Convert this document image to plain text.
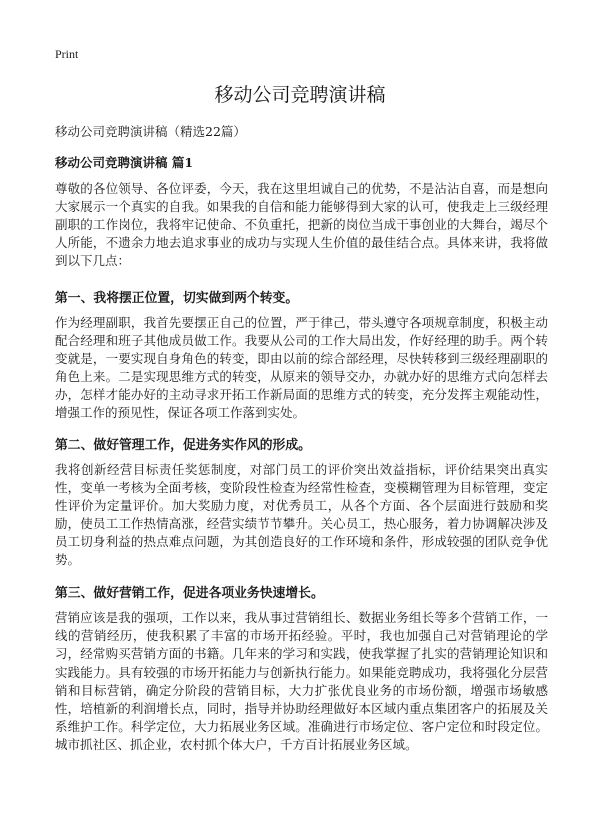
Print
移动公司竞聘演讲稿

移动公司竞聘演讲稿（精选22篇）

移动公司竞聘演讲稿 篇1

尊敬的各位领导、各位评委，今天，我在这里坦诚自己的优势，不是沾沾自喜，而是想向大家展示一个真实的自我。如果我的自信和能力能够得到大家的认可，使我走上三级经理副职的工作岗位，我将牢记使命、不负重托，把新的岗位当成干事创业的大舞台，竭尽个人所能，不遗余力地去追求事业的成功与实现人生价值的最佳结合点。具体来讲，我将做到以下几点：

第一、我将摆正位置，切实做到两个转变。

作为经理副职，我首先要摆正自己的位置，严于律己，带头遵守各项规章制度，积极主动配合经理和班子其他成员做工作。我要从公司的工作大局出发，作好经理的助手。两个转变就是，一要实现自身角色的转变，即由以前的综合部经理，尽快转移到三级经理副职的角色上来。二是实现思维方式的转变，从原来的领导交办，办就办好的思维方式向怎样去办，怎样才能办好的主动寻求开拓工作新局面的思维方式的转变，充分发挥主观能动性，增强工作的预见性，保证各项工作落到实处。

第二、做好管理工作，促进务实作风的形成。

我将创新经营目标责任奖惩制度，对部门员工的评价突出效益指标，评价结果突出真实性，变单一考核为全面考核，变阶段性检查为经常性检查，变模糊管理为目标管理，变定性评价为定量评价。加大奖励力度，对优秀员工，从各个方面、各个层面进行鼓励和奖励，使员工工作热情高涨，经营实绩节节攀升。关心员工，热心服务，着力协调解决涉及员工切身利益的热点难点问题，为其创造良好的工作环境和条件，形成较强的团队竞争优势。

第三、做好营销工作，促进各项业务快速增长。

营销应该是我的强项，工作以来，我从事过营销组长、数据业务组长等多个营销工作，一线的营销经历，使我积累了丰富的市场开拓经验。平时，我也加强自己对营销理论的学习，经常购买营销方面的书籍。几年来的学习和实践，使我掌握了扎实的营销理论知识和实践能力。具有较强的市场开拓能力与创新执行能力。如果能竞聘成功，我将强化分层营销和目标营销，确定分阶段的营销目标，大力扩张优良业务的市场份额，增强市场敏感性，培植新的利润增长点，同时，指导并协助经理做好本区域内重点集团客户的拓展及关系维护工作。科学定位，大力拓展业务区域。准确进行市场定位、客户定位和时段定位。城市抓社区、抓企业，农村抓个体大户，千方百计拓展业务区域。
